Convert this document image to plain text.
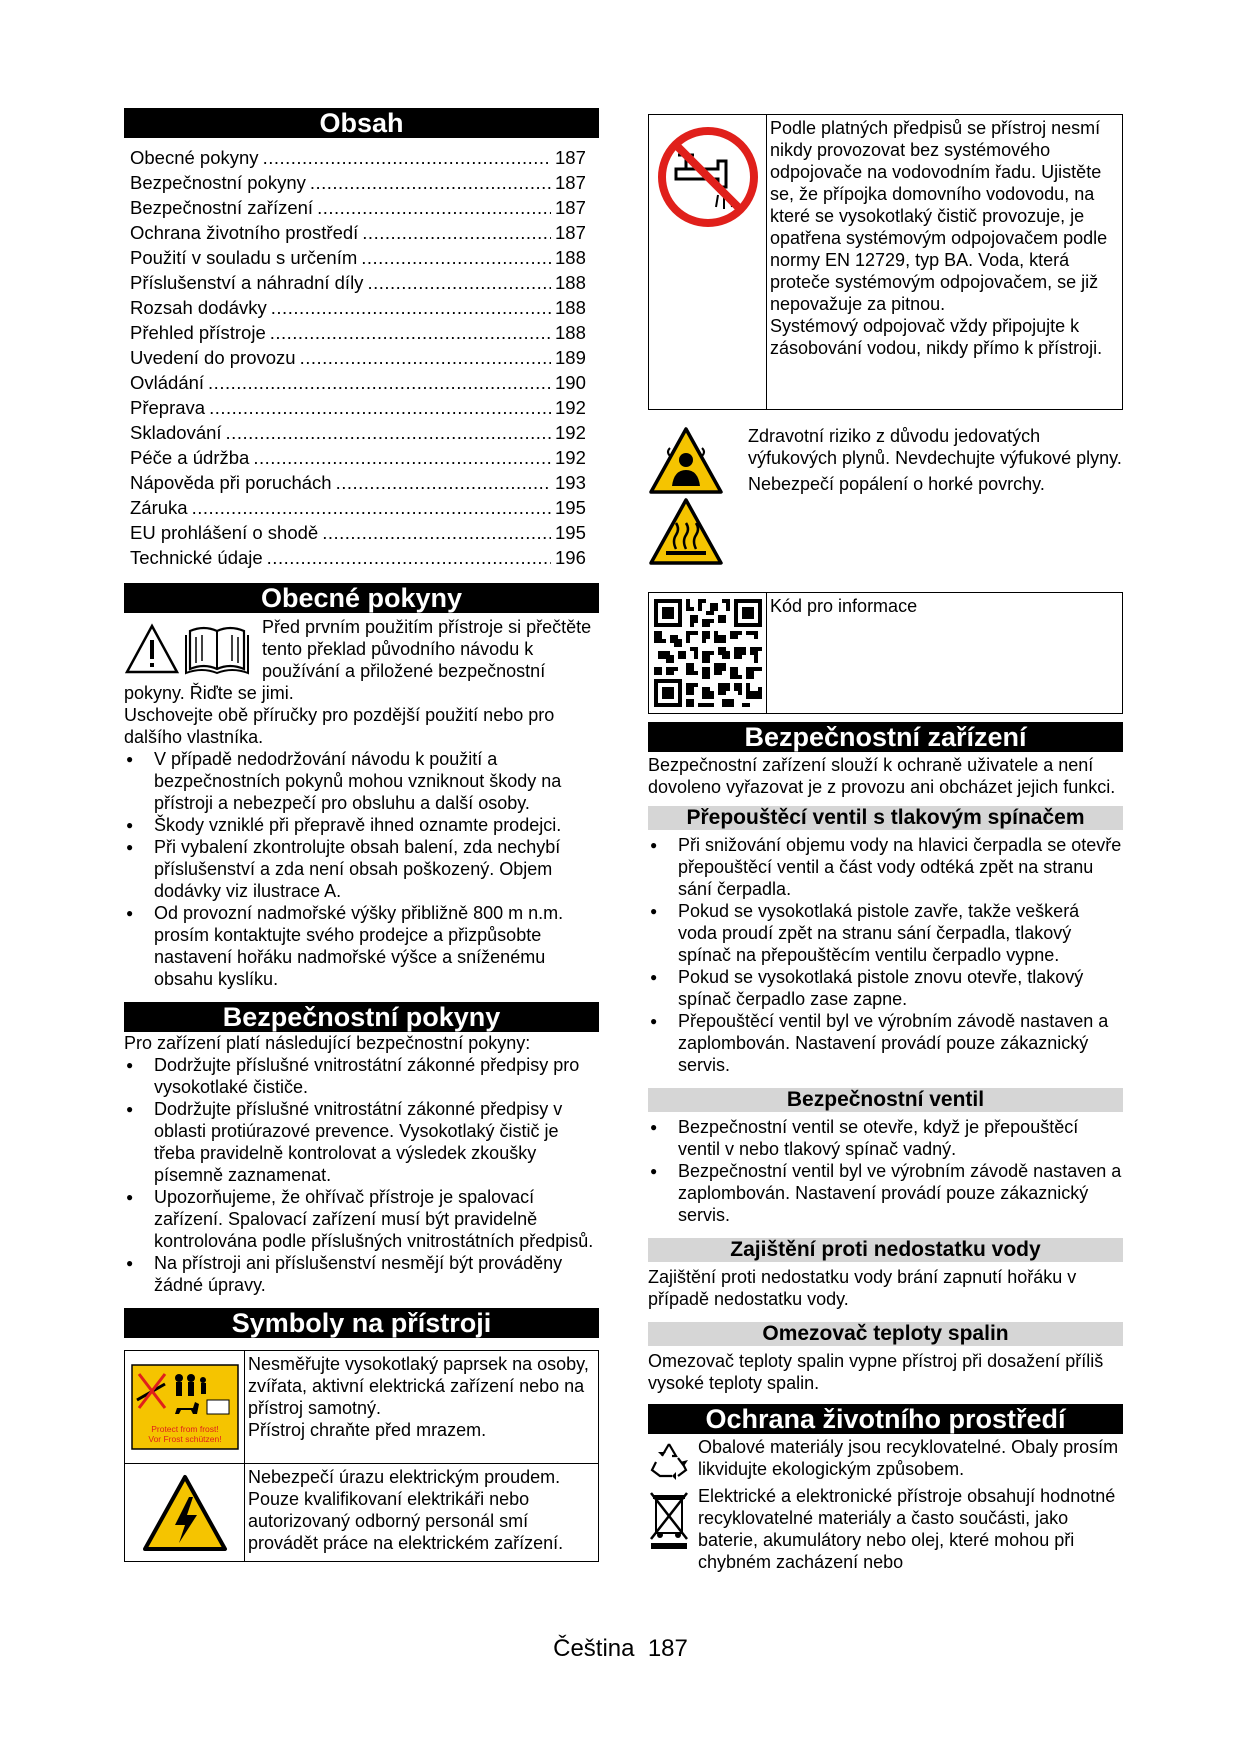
Obsah
Obecné pokyny .....	187
Bezpečnostní pokyny .....	187
Bezpečnostní zařízení .....	187
Ochrana životního prostředí .....	187
Použití v souladu s určením .....	188
Příslušenství a náhradní díly .....	188
Rozsah dodávky .....	188
Přehled přístroje .....	188
Uvedení do provozu .....	189
Ovládání .....	190
Přeprava .....	192
Skladování .....	192
Péče a údržba .....	192
Nápověda při poruchách .....	193
Záruka .....	195
EU prohlášení o shodě .....	195
Technické údaje .....	196
Obecné pokyny

Před prvním použitím přístroje si přečtěte tento překlad původního návodu k používání a přiložené bezpečnostní pokyny. Řiďte se jimi.

Uschovejte obě příručky pro pozdější použití nebo pro dalšího vlastníka.

● V případě nedodržování návodu k použití a bezpečnostních pokynů mohou vzniknout škody na přístroji a nebezpečí pro obsluhu a další osoby.
● Škody vzniklé při přepravě ihned oznamte prodejci.
● Při vybalení zkontrolujte obsah balení, zda nechybí příslušenství a zda není obsah poškozený. Objem dodávky viz ilustrace A.
● Od provozní nadmořské výšky přibližně 800 m n.m. prosím kontaktujte svého prodejce a přizpůsobte nastavení hořáku nadmořské výšce a sníženému obsahu kyslíku.
Bezpečnostní pokyny

Pro zařízení platí následující bezpečnostní pokyny:

● Dodržujte příslušné vnitrostátní zákonné předpisy pro vysokotlaké čističe.
● Dodržujte příslušné vnitrostátní zákonné předpisy v oblasti protiúrazové prevence. Vysokotlaký čistič je třeba pravidelně kontrolovat a výsledek zkoušky písemně zaznamenat.
● Upozorňujeme, že ohřívač přístroje je spalovací zařízení. Spalovací zařízení musí být pravidelně kontrolována podle příslušných vnitrostátních předpisů.
● Na přístroji ani příslušenství nesmějí být prováděny žádné úpravy.
Symboly na přístroji
Protect from frost!
Vor Frost schützen!

Nesměřujte vysokotlaký paprsek na osoby, zvířata, aktivní elektrická zařízení nebo na přístroj samotný.

Přístroj chraňte před mrazem.

Nebezpečí úrazu elektrickým proudem. Pouze kvalifikovaní elektrikáři nebo autorizovaný odborný personál smí provádět práce na elektrickém zařízení.

Podle platných předpisů se přístroj nesmí nikdy provozovat bez systémového odpojovače na vodovodním řadu. Ujistěte se, že přípojka domovního vodovodu, na které se vysokotlaký čistič provozuje, je opatřena systémovým odpojovačem podle normy EN 12729, typ BA. Voda, která proteče systémovým odpojovačem, se již nepovažuje za pitnou.

Systémový odpojovač vždy připojujte k zásobování vodou, nikdy přímo k přístroji.

Zdravotní riziko z důvodu jedovatých výfukových plynů. Nevdechujte výfukové plyny.

Nebezpečí popálení o horké povrchy.

Kód pro informace

Bezpečnostní zařízení

Bezpečnostní zařízení slouží k ochraně uživatele a není dovoleno vyřazovat je z provozu ani obcházet jejich funkci.

Přepouštěcí ventil s tlakovým spínačem
● Při snižování objemu vody na hlavici čerpadla se otevře přepouštěcí ventil a část vody odtéká zpět na stranu sání čerpadla.
● Pokud se vysokotlaká pistole zavře, takže veškerá voda proudí zpět na stranu sání čerpadla, tlakový spínač na přepouštěcím ventilu čerpadlo vypne.
● Pokud se vysokotlaká pistole znovu otevře, tlakový spínač čerpadlo zase zapne.
● Přepouštěcí ventil byl ve výrobním závodě nastaven a zaplombován. Nastavení provádí pouze zákaznický servis.
Bezpečnostní ventil
● Bezpečnostní ventil se otevře, když je přepouštěcí ventil v nebo tlakový spínač vadný.
● Bezpečnostní ventil byl ve výrobním závodě nastaven a zaplombován. Nastavení provádí pouze zákaznický servis.
Zajištění proti nedostatku vody

Zajištění proti nedostatku vody brání zapnutí hořáku v případě nedostatku vody.

Omezovač teploty spalin

Omezovač teploty spalin vypne přístroj při dosažení příliš vysoké teploty spalin.

Ochrana životního prostředí

Obalové materiály jsou recyklovatelné. Obaly prosím likvidujte ekologickým způsobem.

Elektrické a elektronické přístroje obsahují hodnotné recyklovatelné materiály a často součásti, jako baterie, akumulátory nebo olej, které mohou při chybném zacházení nebo

Čeština 187
